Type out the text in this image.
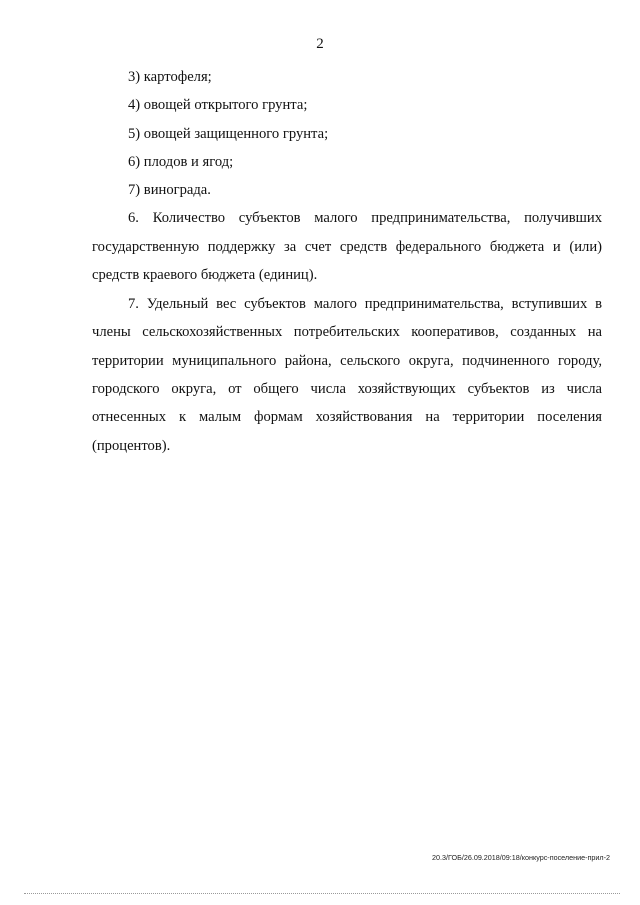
2

3) картофеля;

4) овощей открытого грунта;

5) овощей защищенного грунта;

6) плодов и ягод;

7) винограда.

6. Количество субъектов малого предпринимательства, получивших государственную поддержку за счет средств федерального бюджета и (или) средств краевого бюджета (единиц).

7. Удельный вес субъектов малого предпринимательства, вступивших в члены сельскохозяйственных потребительских кооперативов, созданных на территории муниципального района, сельского округа, подчиненного городу, городского округа, от общего числа хозяйствующих субъектов из числа отнесенных к малым формам хозяйствования на территории поселения (процентов).

20.3/ГОБ/26.09.2018/09:18/конкурс-поселение-прил-2
